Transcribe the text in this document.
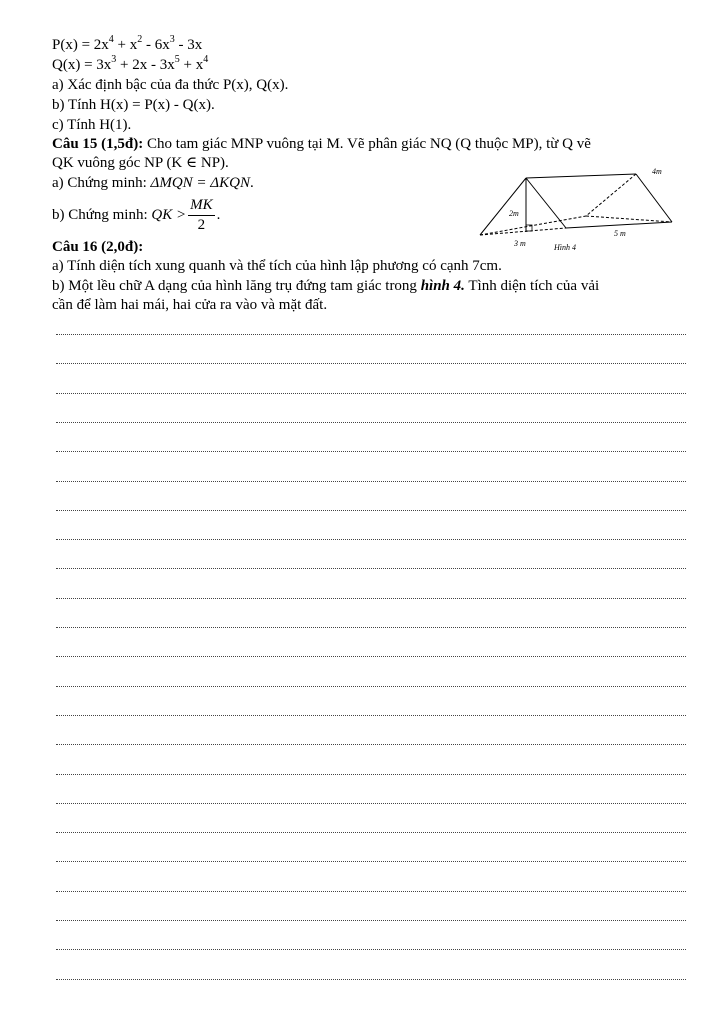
$P(x) = 2x^4 + x^2 - 6x^3 - 3x$
$Q(x) = 3x^3 + 2x - 3x^5 + x^4$
a) Xác định bậc của đa thức P(x), Q(x).
b) Tính H(x) = P(x) - Q(x).
c) Tính H(1).
Câu 15 (1,5đ): Cho tam giác MNP vuông tại M. Vẽ phân giác NQ (Q thuộc MP), từ Q vẽ
QK vuông góc NP (K ∈ NP).
a) Chứng minh: ΔMQN = ΔKQN.
b) Chứng minh: QK > $\frac{MK}{2}$ .
Câu 16 (2,0đ):
a) Tính diện tích xung quanh và thể tích của hình lập phương có cạnh 7cm.
b) Một lều chữ A dạng của hình lăng trụ đứng tam giác trong hình 4. Tình diện tích của vải
cần để làm hai mái, hai cửa ra vào và mặt đất.
4m
2m
3 m
5 m
Hình 4
